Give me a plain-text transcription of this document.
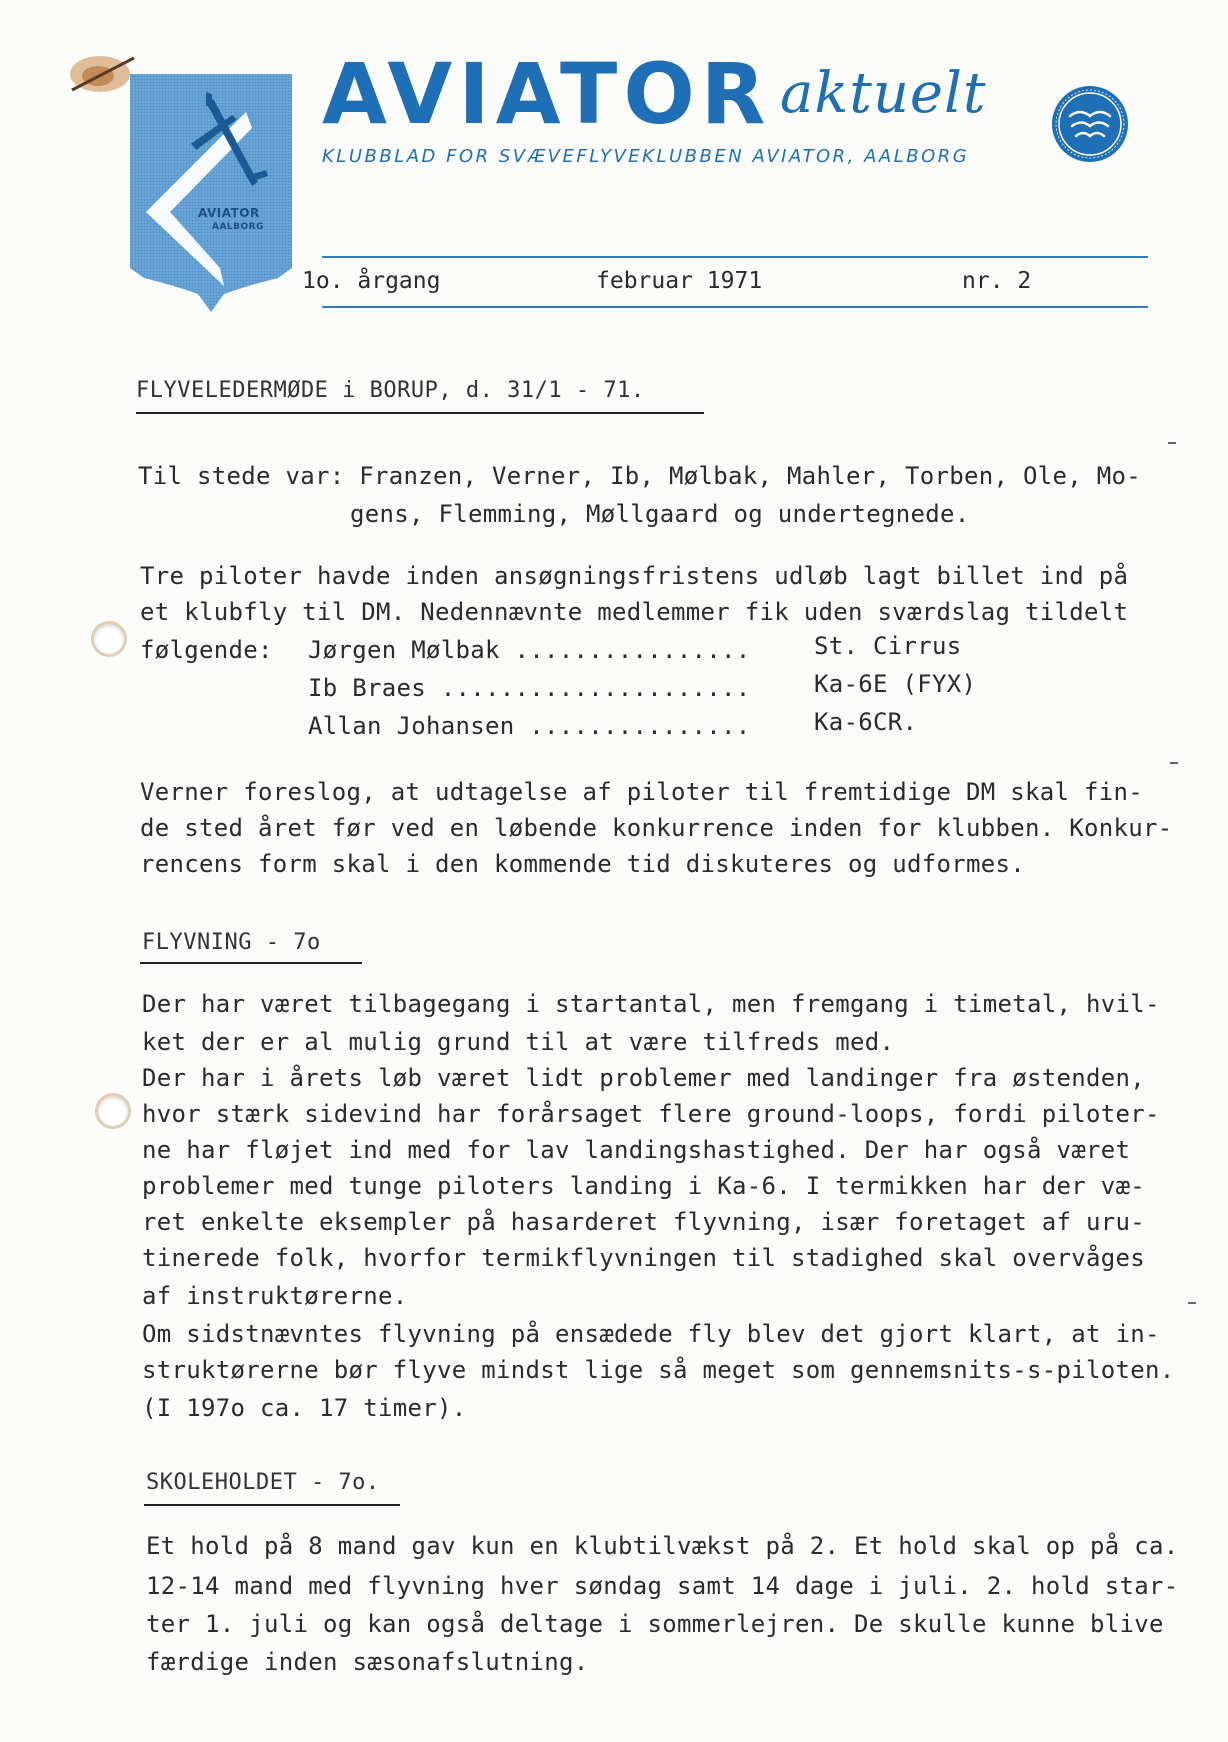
AVIATOR
AALBORG
AVIATOR aktuelt
KLUBBLAD FOR SVÆVEFLYVEKLUBBEN AVIATOR, AALBORG
1o. årgang	februar 1971	nr. 2
FLYVELEDERMØDE i BORUP, d. 31/1 - 71.
Til stede var: Franzen, Verner, Ib, Mølbak, Mahler, Torben, Ole, Mo-
gens, Flemming, Møllgaard og undertegnede.
Tre piloter havde inden ansøgningsfristens udløb lagt billet ind på
et klubfly til DM. Nedennævnte medlemmer fik uden sværdslag tildelt
følgende: Jørgen Mølbak ................	St. Cirrus
Ib Braes .....................	Ka-6E (FYX)
Allan Johansen ...............	Ka-6CR.
Verner foreslog, at udtagelse af piloter til fremtidige DM skal fin-
de sted året før ved en løbende konkurrence inden for klubben. Konkur-
rencens form skal i den kommende tid diskuteres og udformes.
FLYVNING - 7o
Der har været tilbagegang i startantal, men fremgang i timetal, hvil-
ket der er al mulig grund til at være tilfreds med.
Der har i årets løb været lidt problemer med landinger fra østenden,
hvor stærk sidevind har forårsaget flere ground-loops, fordi piloter-
ne har fløjet ind med for lav landingshastighed. Der har også været
problemer med tunge piloters landing i Ka-6. I termikken har der væ-
ret enkelte eksempler på hasarderet flyvning, især foretaget af uru-
tinerede folk, hvorfor termikflyvningen til stadighed skal overvåges
af instruktørerne.
Om sidstnævntes flyvning på ensædede fly blev det gjort klart, at in-
struktørerne bør flyve mindst lige så meget som gennemsnits-s-piloten.
(I 197o ca. 17 timer).
SKOLEHOLDET - 7o.
Et hold på 8 mand gav kun en klubtilvækst på 2. Et hold skal op på ca.
12-14 mand med flyvning hver søndag samt 14 dage i juli. 2. hold star-
ter 1. juli og kan også deltage i sommerlejren. De skulle kunne blive
færdige inden sæsonafslutning.
